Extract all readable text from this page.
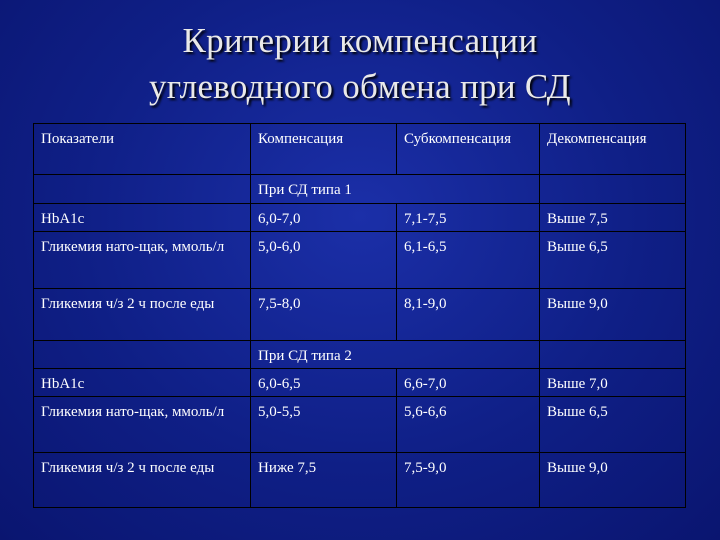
Критерии компенсации
углеводного обмена при СД
Показатели	Компенсация	Субкомпенсация	Декомпенсация

	При СД типа 1		

HbA1c	6,0-7,0	7,1-7,5	Выше 7,5
Гликемия нато-щак, ммоль/л	5,0-6,0	6,1-6,5	Выше 6,5
Гликемия ч/з 2 ч после еды	7,5-8,0	8,1-9,0	Выше 9,0

	При СД типа 2		

HbA1c	6,0-6,5	6,6-7,0	Выше 7,0
Гликемия нато-щак, ммоль/л	5,0-5,5	5,6-6,6	Выше 6,5
Гликемия ч/з 2 ч после еды	Ниже 7,5	7,5-9,0	Выше 9,0
